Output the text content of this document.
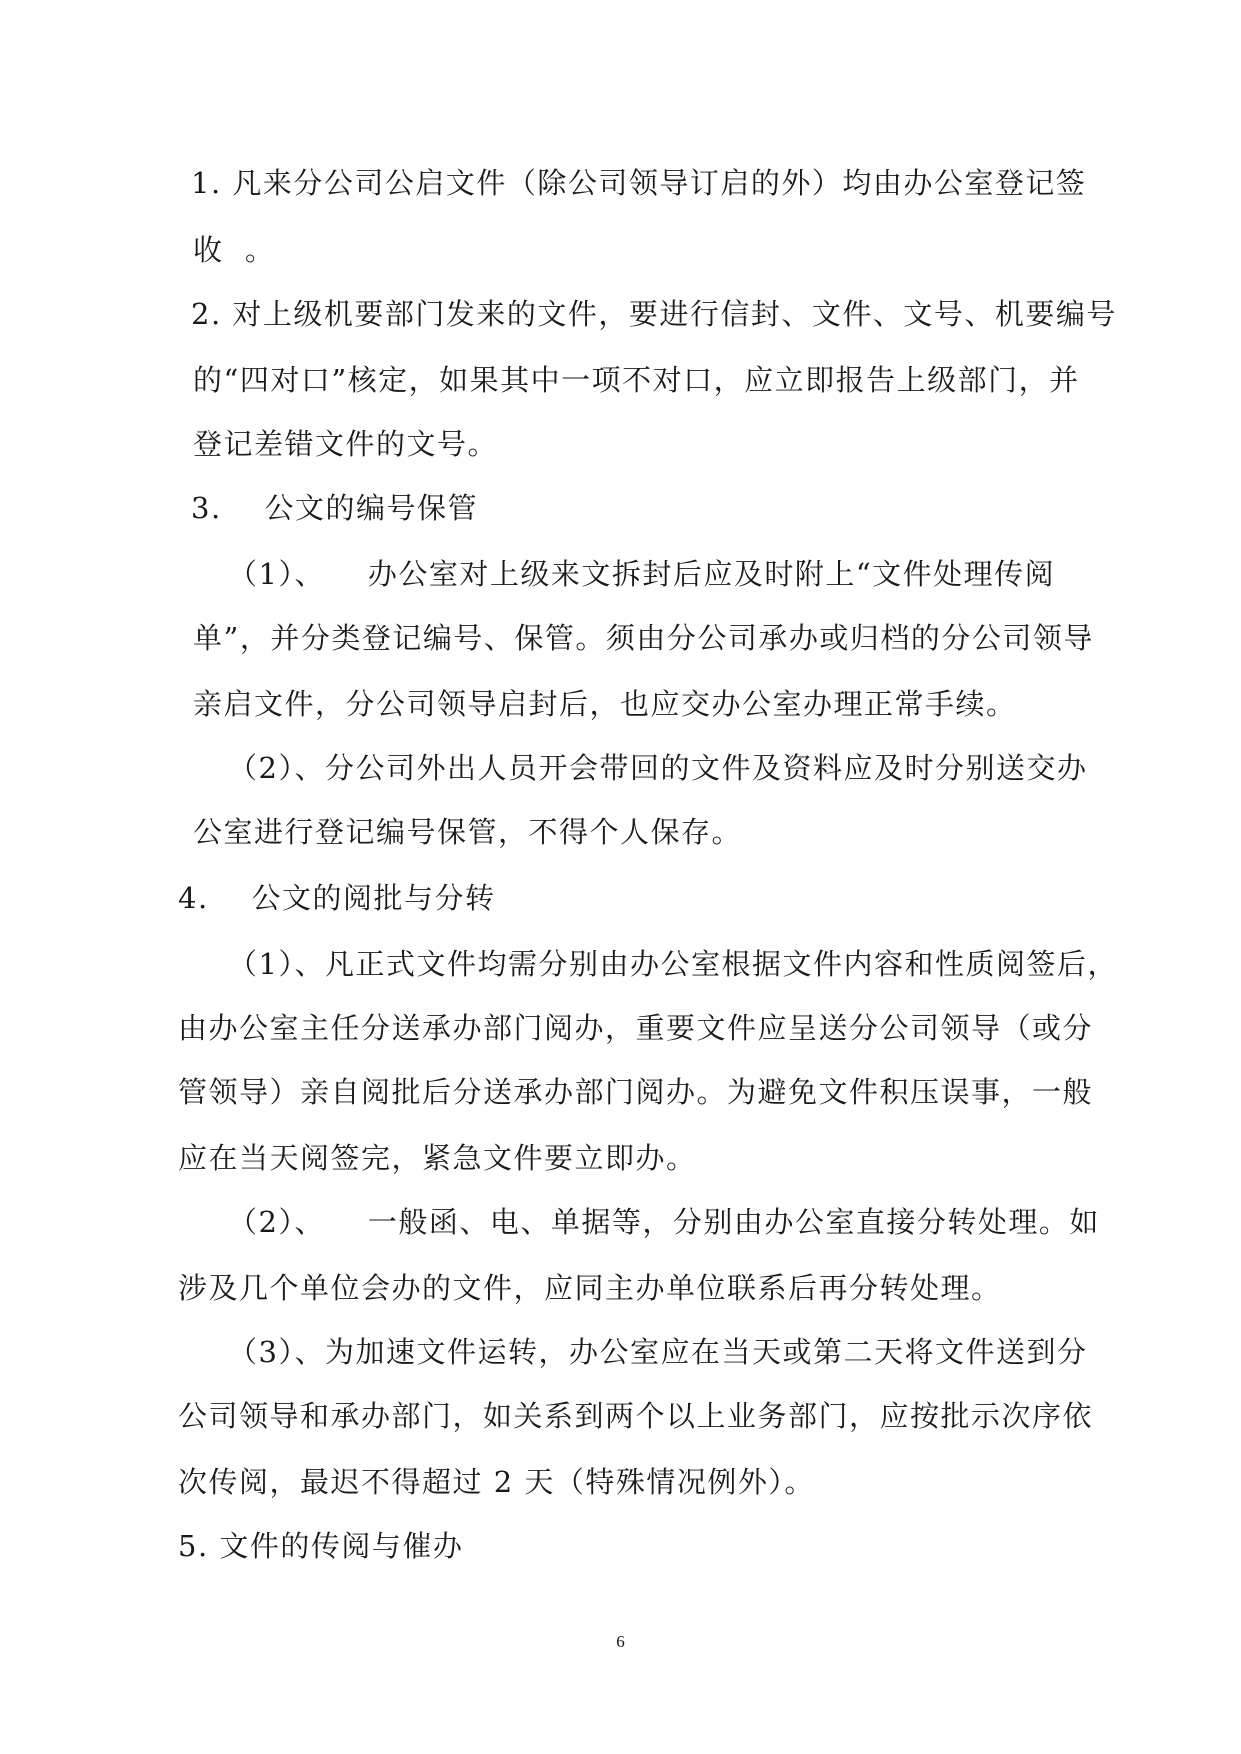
1. 凡来分公司公启文件（除公司领导订启的外）均由办公室登记签
收  。
2. 对上级机要部门发来的文件，要进行信封、文件、文号、机要编号
的“四对口”核定，如果其中一项不对口，应立即报告上级部门，并
登记差错文件的文号。
3.    公文的编号保管
（1）、    办公室对上级来文拆封后应及时附上“文件处理传阅
单”，并分类登记编号、保管。须由分公司承办或归档的分公司领导
亲启文件，分公司领导启封后，也应交办公室办理正常手续。
（2）、分公司外出人员开会带回的文件及资料应及时分别送交办
公室进行登记编号保管，不得个人保存。
4.    公文的阅批与分转
（1）、凡正式文件均需分别由办公室根据文件内容和性质阅签后，
由办公室主任分送承办部门阅办，重要文件应呈送分公司领导（或分
管领导）亲自阅批后分送承办部门阅办。为避免文件积压误事，一般
应在当天阅签完，紧急文件要立即办。
（2）、    一般函、电、单据等，分别由办公室直接分转处理。如
涉及几个单位会办的文件，应同主办单位联系后再分转处理。
（3）、为加速文件运转，办公室应在当天或第二天将文件送到分
公司领导和承办部门，如关系到两个以上业务部门，应按批示次序依
次传阅，最迟不得超过 2 天（特殊情况例外）。
5. 文件的传阅与催办
6
